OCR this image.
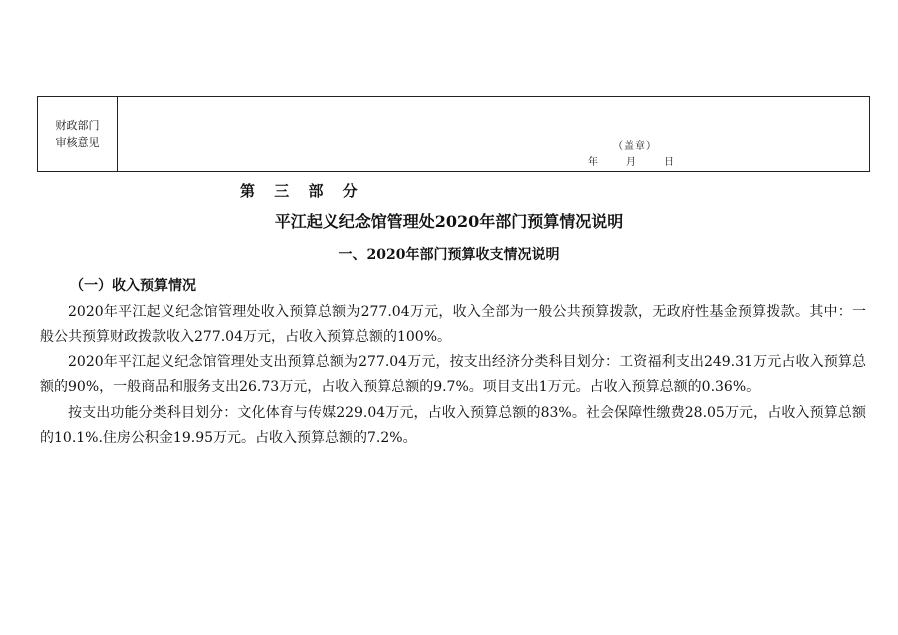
财政部门
审核意见	（盖章）
年	月	日
第 三 部 分
平江起义纪念馆管理处2020年部门预算情况说明
一、2020年部门预算收支情况说明
（一）收入预算情况

2020年平江起义纪念馆管理处收入预算总额为277.04万元，收入全部为一般公共预算拨款，无政府性基金预算拨款。其中：一般公共预算财政拨款收入277.04万元，占收入预算总额的100%。

2020年平江起义纪念馆管理处支出预算总额为277.04万元，按支出经济分类科目划分：工资福利支出249.31万元占收入预算总额的90%，一般商品和服务支出26.73万元，占收入预算总额的9.7%。项目支出1万元。占收入预算总额的0.36%。

按支出功能分类科目划分：文化体育与传媒229.04万元，占收入预算总额的83%。社会保障性缴费28.05万元，占收入预算总额的10.1%.住房公积金19.95万元。占收入预算总额的7.2%。
